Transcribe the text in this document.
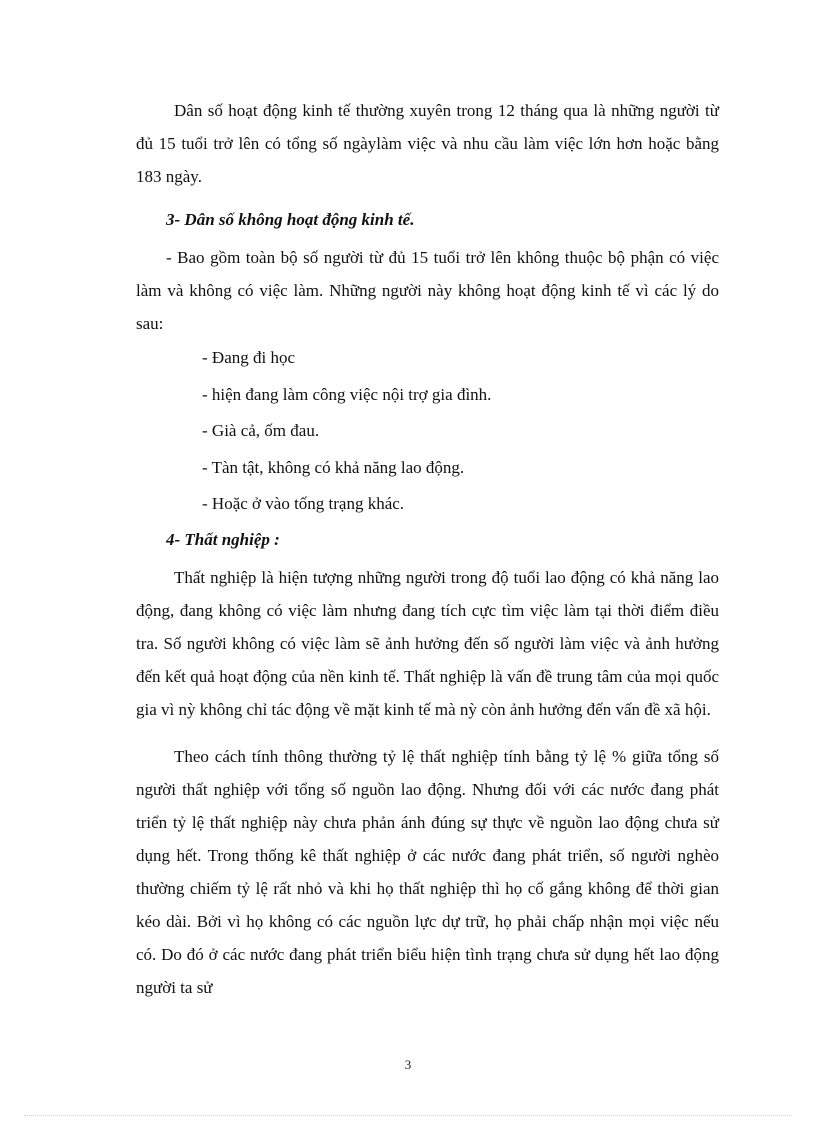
Dân số hoạt động kinh tế thường xuyên trong 12 tháng qua là những người từ đủ 15 tuổi trở lên có tổng số ngàylàm việc và nhu cầu làm việc lớn hơn hoặc bằng 183 ngày.

3- Dân số không hoạt động kinh tế.

- Bao gồm toàn bộ số người từ đủ 15 tuổi trở lên không thuộc bộ phận có việc làm và không có việc làm. Những người này không hoạt động kinh tế vì các lý do sau:

- Đang đi học

- hiện đang làm công việc nội trợ gia đình.

- Già cả, ốm đau.

- Tàn tật, không có khả năng lao động.

- Hoặc ở vào tống trạng khác.

4- Thất nghiệp :

Thất nghiệp là hiện tượng những người trong độ tuổi lao động có khả năng lao động, đang không có việc làm nhưng đang tích cực tìm việc làm tại thời điểm điều tra. Số người không có việc làm sẽ ảnh hưởng đến số người làm việc và ảnh hưởng đến kết quả hoạt động của nền kinh tế. Thất nghiệp là vấn đề trung tâm của mọi quốc gia vì nỳ không chỉ tác động về mặt kinh tế mà nỳ còn ảnh hưởng đến vấn đề xã hội.

Theo cách tính thông thường tỷ lệ thất nghiệp tính bằng tỷ lệ % giữa tổng số người thất nghiệp với tổng số nguồn lao động. Nhưng đối với các nước đang phát triển tỷ lệ thất nghiệp này chưa phản ánh đúng sự thực về nguồn lao động chưa sử dụng hết. Trong thống kê thất nghiệp ở các nước đang phát triển, số người nghèo thường chiếm tỷ lệ rất nhỏ và khi họ thất nghiệp thì họ cố gắng không để thời gian kéo dài. Bởi vì họ không có các nguồn lực dự trữ, họ phải chấp nhận mọi việc nếu có. Do đó ở các nước đang phát triển biểu hiện tình trạng chưa sử dụng hết lao động người ta sử

3
